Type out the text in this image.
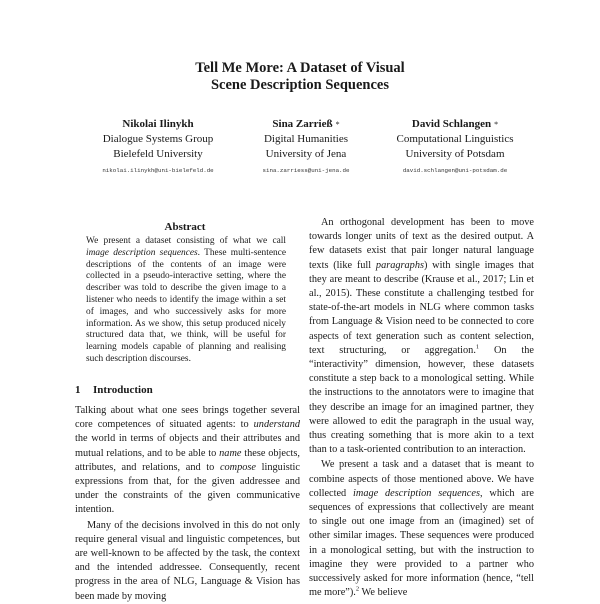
Tell Me More: A Dataset of Visual
Scene Description Sequences
Nikolai Ilinykh
Dialogue Systems Group
Bielefeld University
nikolai.ilinykh@uni-bielefeld.de
Sina Zarrieß *
Digital Humanities
University of Jena
sina.zarriess@uni-jena.de
David Schlangen *
Computational Linguistics
University of Potsdam
david.schlangen@uni-potsdam.de
Abstract

We present a dataset consisting of what we call image description sequences. These multi-sentence descriptions of the contents of an image were collected in a pseudo-interactive setting, where the describer was told to describe the given image to a listener who needs to identify the image within a set of images, and who successively asks for more information. As we show, this setup produced nicely structured data that, we think, will be useful for learning models capable of planning and realising such description discourses.

1 Introduction

Talking about what one sees brings together several core competences of situated agents: to understand the world in terms of objects and their attributes and mutual relations, and to be able to name these objects, attributes, and relations, and to compose linguistic expressions from that, for the given addressee and under the constraints of the given communicative intention.

Many of the decisions involved in this do not only require general visual and linguistic competences, but are well-known to be affected by the task, the context and the intended addressee. Consequently, recent progress in the area of NLG, Language & Vision has been made by moving

An orthogonal development has been to move towards longer units of text as the desired output. A few datasets exist that pair longer natural language texts (like full paragraphs) with single images that they are meant to describe (Krause et al., 2017; Lin et al., 2015). These constitute a challenging testbed for state-of-the-art models in NLG where common tasks from Language & Vision need to be connected to core aspects of text generation such as content selection, text structuring, or aggregation.$^1$ On the “interactivity” dimension, however, these datasets constitute a step back to a monological setting. While the instructions to the annotators were to imagine that they describe an image for an imagined partner, they were allowed to edit the paragraph in the usual way, thus creating something that is more akin to a text than to a task-oriented contribution to an interaction.

We present a task and a dataset that is meant to combine aspects of those mentioned above. We have collected image description sequences, which are sequences of expressions that collectively are meant to single out one image from an (imagined) set of other similar images. These sequences were produced in a monological setting, but with the instruction to imagine they were provided to a partner who successively asked for more information (hence, “tell me more”).$^2$ We believe
